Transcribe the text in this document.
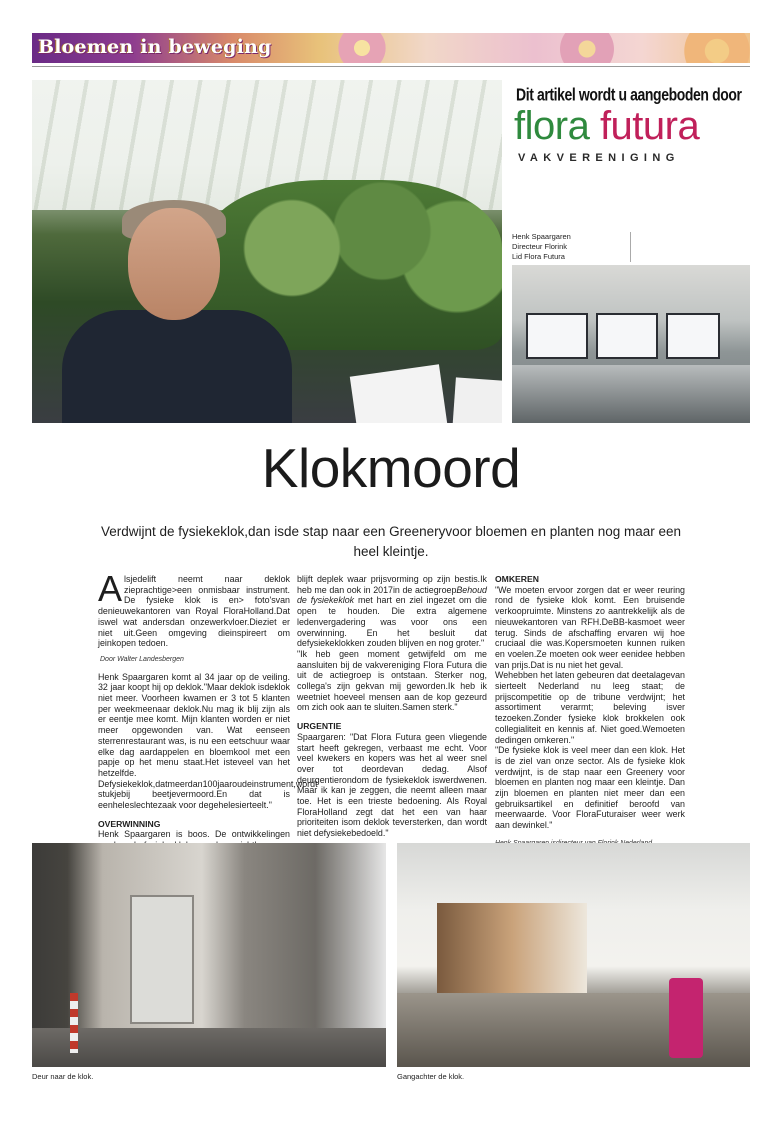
Bloemen in beweging
Dit artikel wordt u aangeboden door
flora futura
VAKVERENIGING
Henk Spaargaren
Directeur Florink
Lid Flora Futura
Klokmoord
Verdwijnt de fysiekeklok,dan isde stap naar een Greeneryvoor bloemen en planten nog maar een heel kleintje.

Alsjedelift neemt naar deklok zieprachtige>een onmisbaar instrument. De fysieke klok is en> foto'svan denieuwekantoren van Royal FloraHolland.Dat iswel wat andersdan onzewerkvloer.Dieziet er niet uit.Geen omgeving dieinspireert om jeinkopen tedoen.

Door Walter Landesbergen

Henk Spaargaren komt al 34 jaar op de veiling. 32 jaar koopt hij op deklok."Maar deklok isdeklok niet meer. Voorheen kwamen er 3 tot 5 klanten per weekmeenaar deklok.Nu mag ik blij zijn als er eentje mee komt. Mijn klanten worden er niet meer opgewonden van. Wat eenseen sterrenrestaurant was, is nu een eetschuur waar elke dag aardappelen en bloemkool met een papje op het menu staat.Het isteveel van het hetzelfde. Defysiekeklok,datmeerdan100jaaroudeinstrument,wordt stukjebij beetjevermoord.En dat is eenheleslechtezaak voor degehelesierteelt."

OVERWINNING

Henk Spaargaren is boos. De ontwikkelingen

blijft deplek waar prijsvorming op zijn bestis.Ik heb me dan ook in 2017in de actiegroepBehoud de fysiekeklok met hart en ziel ingezet om die open te houden. Die extra algemene ledenvergadering was voor ons een overwinning. En het besluit dat defysiekeklokken zouden blijven en nog groter."

"Ik heb geen moment getwijfeld om me aansluiten bij de vakvereniging Flora Futura die uit de actiegroep is ontstaan. Sterker nog, collega's zijn gekvan mij geworden.Ik heb ik weetniet hoeveel mensen aan de kop gezeurd om zich ook aan te sluiten.Samen sterk."

URGENTIE

Spaargaren: "Dat Flora Futura geen vliegende start heeft gekregen, verbaast me echt. Voor veel kwekers en kopers was het al weer snel over tot deordevan dedag. Alsof deurgentierondom de fysiekeklok iswerdwenen. Maar ik kan je zeggen, die neemt alleen maar toe. Het is een trieste bedoening. Als Royal FloraHolland zegt dat het een van haar prioriteiten isom deklok teversterken, dan wordt niet defysiekebedoeld."

OMKEREN

"We moeten ervoor zorgen dat er weer reuring rond de fysieke klok komt. Een bruisende verkoopruimte. Minstens zo aantrekkelijk als de nieuwekantoren van RFH.DeBB-kasmoet weer terug. Sinds de afschaffing ervaren wij hoe cruciaal die was.Kopersmoeten kunnen ruiken en voelen.Ze moeten ook weer eenidee hebben van prijs.Dat is nu niet het geval.

Wehebben het laten gebeuren dat deetalagevan sierteelt Nederland nu leeg staat; de prijscompetitie op de tribune verdwijnt; het assortiment verarmt; beleving isver tezoeken.Zonder fysieke klok brokkelen ook collegialiteit en kennis af. Niet goed.Wemoeten dedingen omkeren."

"De fysieke klok is veel meer dan een klok. Het is de ziel van onze sector. Als de fysieke klok verdwijnt, is de stap naar een Greenery voor bloemen en planten nog maar een kleintje. Dan zijn bloemen en planten niet meer dan een gebruiksartikel en definitief beroofd van meerwaarde. Voor FloraFuturaiser weer werk aan dewinkel."

Deur naar de klok.	Gangachter de klok.
